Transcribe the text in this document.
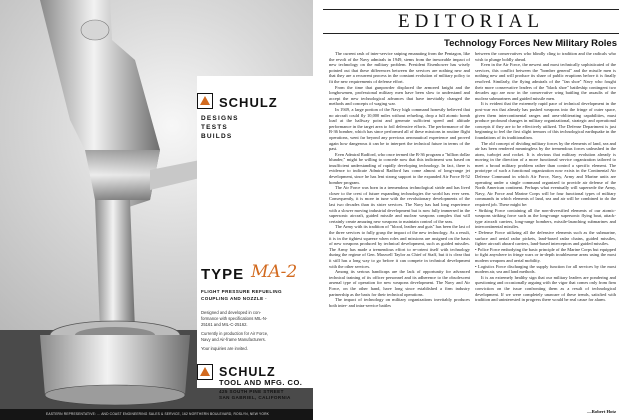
SCHULZ
DESIGNS
TESTS
BUILDS
TYPE MA-2
FLIGHT PRESSURE REFUELING
COUPLING AND NOZZLE ·
Designed and developed in con-
formance with specifications MIL-N-
25161 and MIL-C-25162.
Currently in production for Air Force,
Navy and Air-frame Manufacturers.
Your inquiries are invited.
SCHULZ
TOOL AND MFG. CO.
425 SOUTH PINE STREET
SAN GABRIEL, CALIFORNIA
EASTERN REPRESENTATIVE: ... AND COAST ENGINEERING SALES & SERVICE, 162 NORTHERN BOULEVARD, ROSLYN, NEW YORK
EDITORIAL
Technology Forces New Military Roles

The current rash of inter-service sniping emanating from the Pentagon, like the revolt of the Navy admirals in 1949, stems from the inexorable impact of new technology on the military problem. President Eisenhower has wisely pointed out that these differences between the services are nothing new and that they are a recurrent process in the constant evolution of military policy to fit the new requirements of defense effort.

From the time that gunpowder displaced the armored knight and the longbowmen, professional military men have been slow to understand and accept the new technological advances that have inevitably changed the methods and concepts of waging war.

In 1949, a large portion of the Navy high command honestly believed that no aircraft could fly 10,000 miles without refueling, drop a full atomic bomb load at the halfway point and generate sufficient speed and altitude performance in the target area to foil defensive efforts. The performance of the B-36 bomber, which has since performed all of these missions in routine flight operations, went far beyond any previous aeronautical experience and proved again how dangerous it can be to interpret the technical future in terms of the past.

Even Admiral Radford, who once termed the B-36 program a "billion dollar blunder," might be willing to concede now that this indictment was based on insufficient understanding of rapidly developing technology. In fact, there is evidence to indicate Admiral Radford has come almost of long-range jet development, since he has lent strong support to the expanded Air Force B-52 bomber program.

The Air Force was born in a tremendous technological stride and has lived closer to the crest of future expanding technologies the world has ever seen. Consequently, it is more in tune with the revolutionary developments of the last two decades than its sister services. The Navy has had long experience with a slower moving industrial development but is now fully immersed in the supersonic aircraft, guided missile and nuclear weapons complex that will certainly create amazing new weapons to maintain control of the seas.

The Army with its tradition of "blood, leather and guts" has been the last of the three services to fully grasp the impact of the new technology. As a result, it is in the tightest squeeze when roles and missions are assigned on the basis of new weapons produced by technical development, such as guided missiles. The Army has made a tremendous effort to re-orient itself with technology during the regime of Gen. Maxwell Taylor as Chief of Staff, but it is clear that it still has a long way to go before it can compete in technical development with the other services.

Among its serious handicaps are the lack of opportunity for advanced technical training of its officer personnel and its adherence to the obsolescent arsenal type of operation for new weapons development. The Navy and Air Force, on the other hand, have long since established a firm industry partnership as the basis for their technical operations.

The impact of technology on military organizations inevitably produces both inter- and intra-service battles

between the conservatives who blindly cling to tradition and the radicals who wish to plunge boldly ahead.

Even in the Air Force, the newest and most technically sophisticated of the services, this conflict between the "bomber general" and the missile men is nothing new and will produce its share of public eruptions before it is finally resolved. Similarly, the flying admirals of the "fan shoe" Navy who fought their more conservative leaders of the "black shoe" battleship contingent two decades ago are now in the conservative wing battling the assaults of the nuclear submariners and guided missile men.

It is evident that the extremely rapid pace of technical development in the post-war era that already has pushed weapons into the fringe of outer space, given them intercontinental ranges and area-obliterating capabilities, must produce profound changes in military organizational, strategic and operational concepts if they are to be effectively utilized. The Defense Department is just beginning to feel the first slight tremors of this technological earthquake in the foundations of its traditionalism.

The old concept of dividing military forces by the elements of land, sea and air has been rendered meaningless by the tremendous forces unleashed in the atom, turbojet and rocket. It is obvious that military evolution already is moving in the direction of a more functional service organization tailored to meet a broad military problem rather than control a specific element. The prototype of such a functional organization now exists in the Continental Air Defense Command in which Air Force, Navy, Army and Marine units are operating under a single command organized to provide air defense of the North American continent. Perhaps what eventually will supersede the Army, Navy, Air Force and Marine Corps will be four functional types of military commands in which elements of land, sea and air will be combined to do the required job. These might be:

• Striking Force containing all the non-diversified elements of our atomic-weapons striking force such as the long-range supersonic flying boat, attack-type aircraft carriers, long-range bombers, missile-launching submarines and intercontinental missiles.

• Defense Force utilizing all the defensive elements such as the submarine, surface and aerial radar pickets, land-based radar chains, guided missiles, fighter aircraft aboard carriers, land-based interceptors and guided missiles.

• Police Force embodying the basic principle of the Marine Corps but equipped to fight anywhere in fringe wars or in-depth troublesome areas using the most modern weapons and aerial mobility.

• Logistics Force discharging the supply function for all services by the most modern air, sea and land methods.

It is an extremely healthy sign that our military leaders are pondering and questioning and occasionally arguing with the vigor that comes only from firm conviction on the issue confronting them as a result of technological development. If we were completely unaware of these trends, satisfied with tradition and uninterested in progress there would be real cause for alarm.

—Robert Hotz
